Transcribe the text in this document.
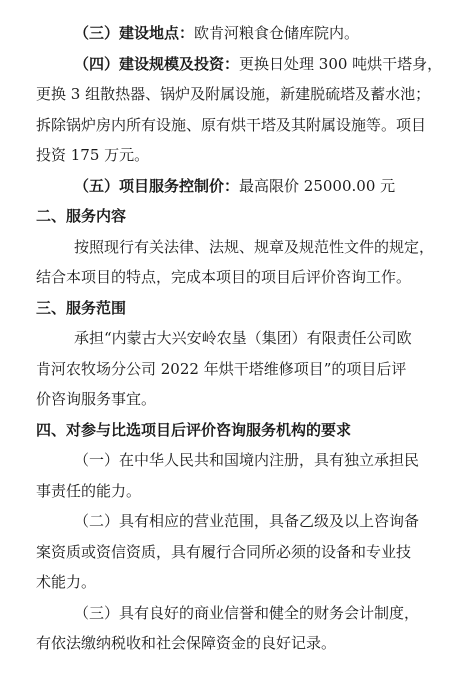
（三）建设地点：欧肯河粮食仓储库院内。
（四）建设规模及投资：更换日处理 300 吨烘干塔身，
更换 3 组散热器、锅炉及附属设施，新建脱硫塔及蓄水池；
拆除锅炉房内所有设施、原有烘干塔及其附属设施等。项目
投资 175 万元。
（五）项目服务控制价：最高限价 25000.00 元
二、服务内容
按照现行有关法律、法规、规章及规范性文件的规定，
结合本项目的特点，完成本项目的项目后评价咨询工作。
三、服务范围
承担“内蒙古大兴安岭农垦（集团）有限责任公司欧
肯河农牧场分公司 2022 年烘干塔维修项目”的项目后评
价咨询服务事宜。
四、对参与比选项目后评价咨询服务机构的要求
（一）在中华人民共和国境内注册，具有独立承担民
事责任的能力。
（二）具有相应的营业范围，具备乙级及以上咨询备
案资质或资信资质，具有履行合同所必须的设备和专业技
术能力。
（三）具有良好的商业信誉和健全的财务会计制度，
有依法缴纳税收和社会保障资金的良好记录。
